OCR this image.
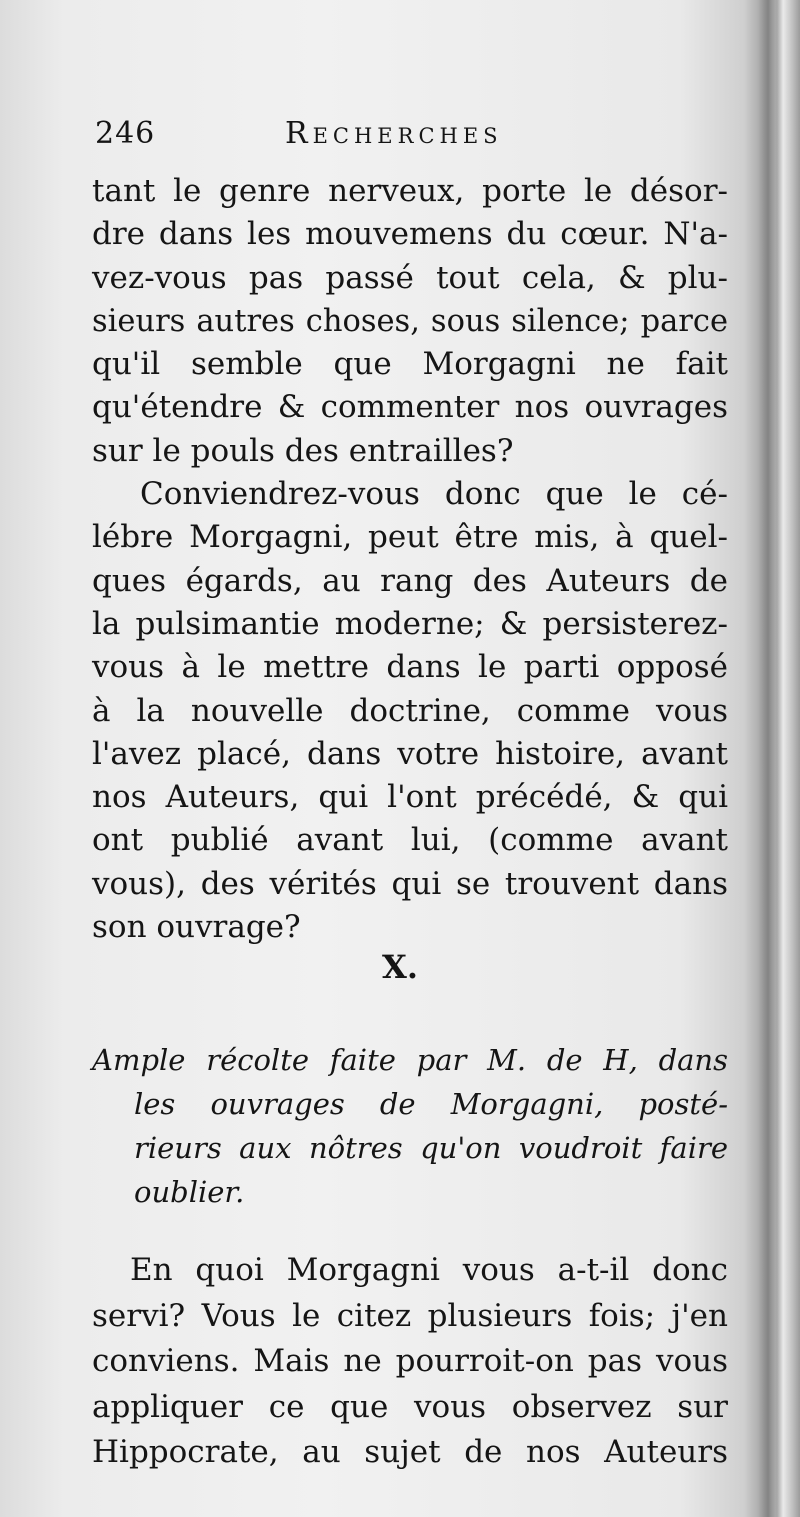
246	Recherches
tant le genre nerveux, porte le désor-
dre dans les mouvemens du cœur. N'a-
vez-vous pas passé tout cela, & plu-
sieurs autres choses, sous silence; parce
qu'il semble que Morgagni ne fait
qu'étendre & commenter nos ouvrages
sur le pouls des entrailles?
Conviendrez-vous donc que le cé-
lébre Morgagni, peut être mis, à quel-
ques égards, au rang des Auteurs de
la pulsimantie moderne; & persisterez-
vous à le mettre dans le parti opposé
à la nouvelle doctrine, comme vous
l'avez placé, dans votre histoire, avant
nos Auteurs, qui l'ont précédé, & qui
ont publié avant lui, (comme avant
vous), des vérités qui se trouvent dans
son ouvrage?
X.
Ample récolte faite par M. de H, dans
les ouvrages de Morgagni, posté-
rieurs aux nôtres qu'on voudroit faire
oublier.
En quoi Morgagni vous a-t-il donc
servi? Vous le citez plusieurs fois; j'en
conviens. Mais ne pourroit-on pas vous
appliquer ce que vous observez sur
Hippocrate, au sujet de nos Auteurs
